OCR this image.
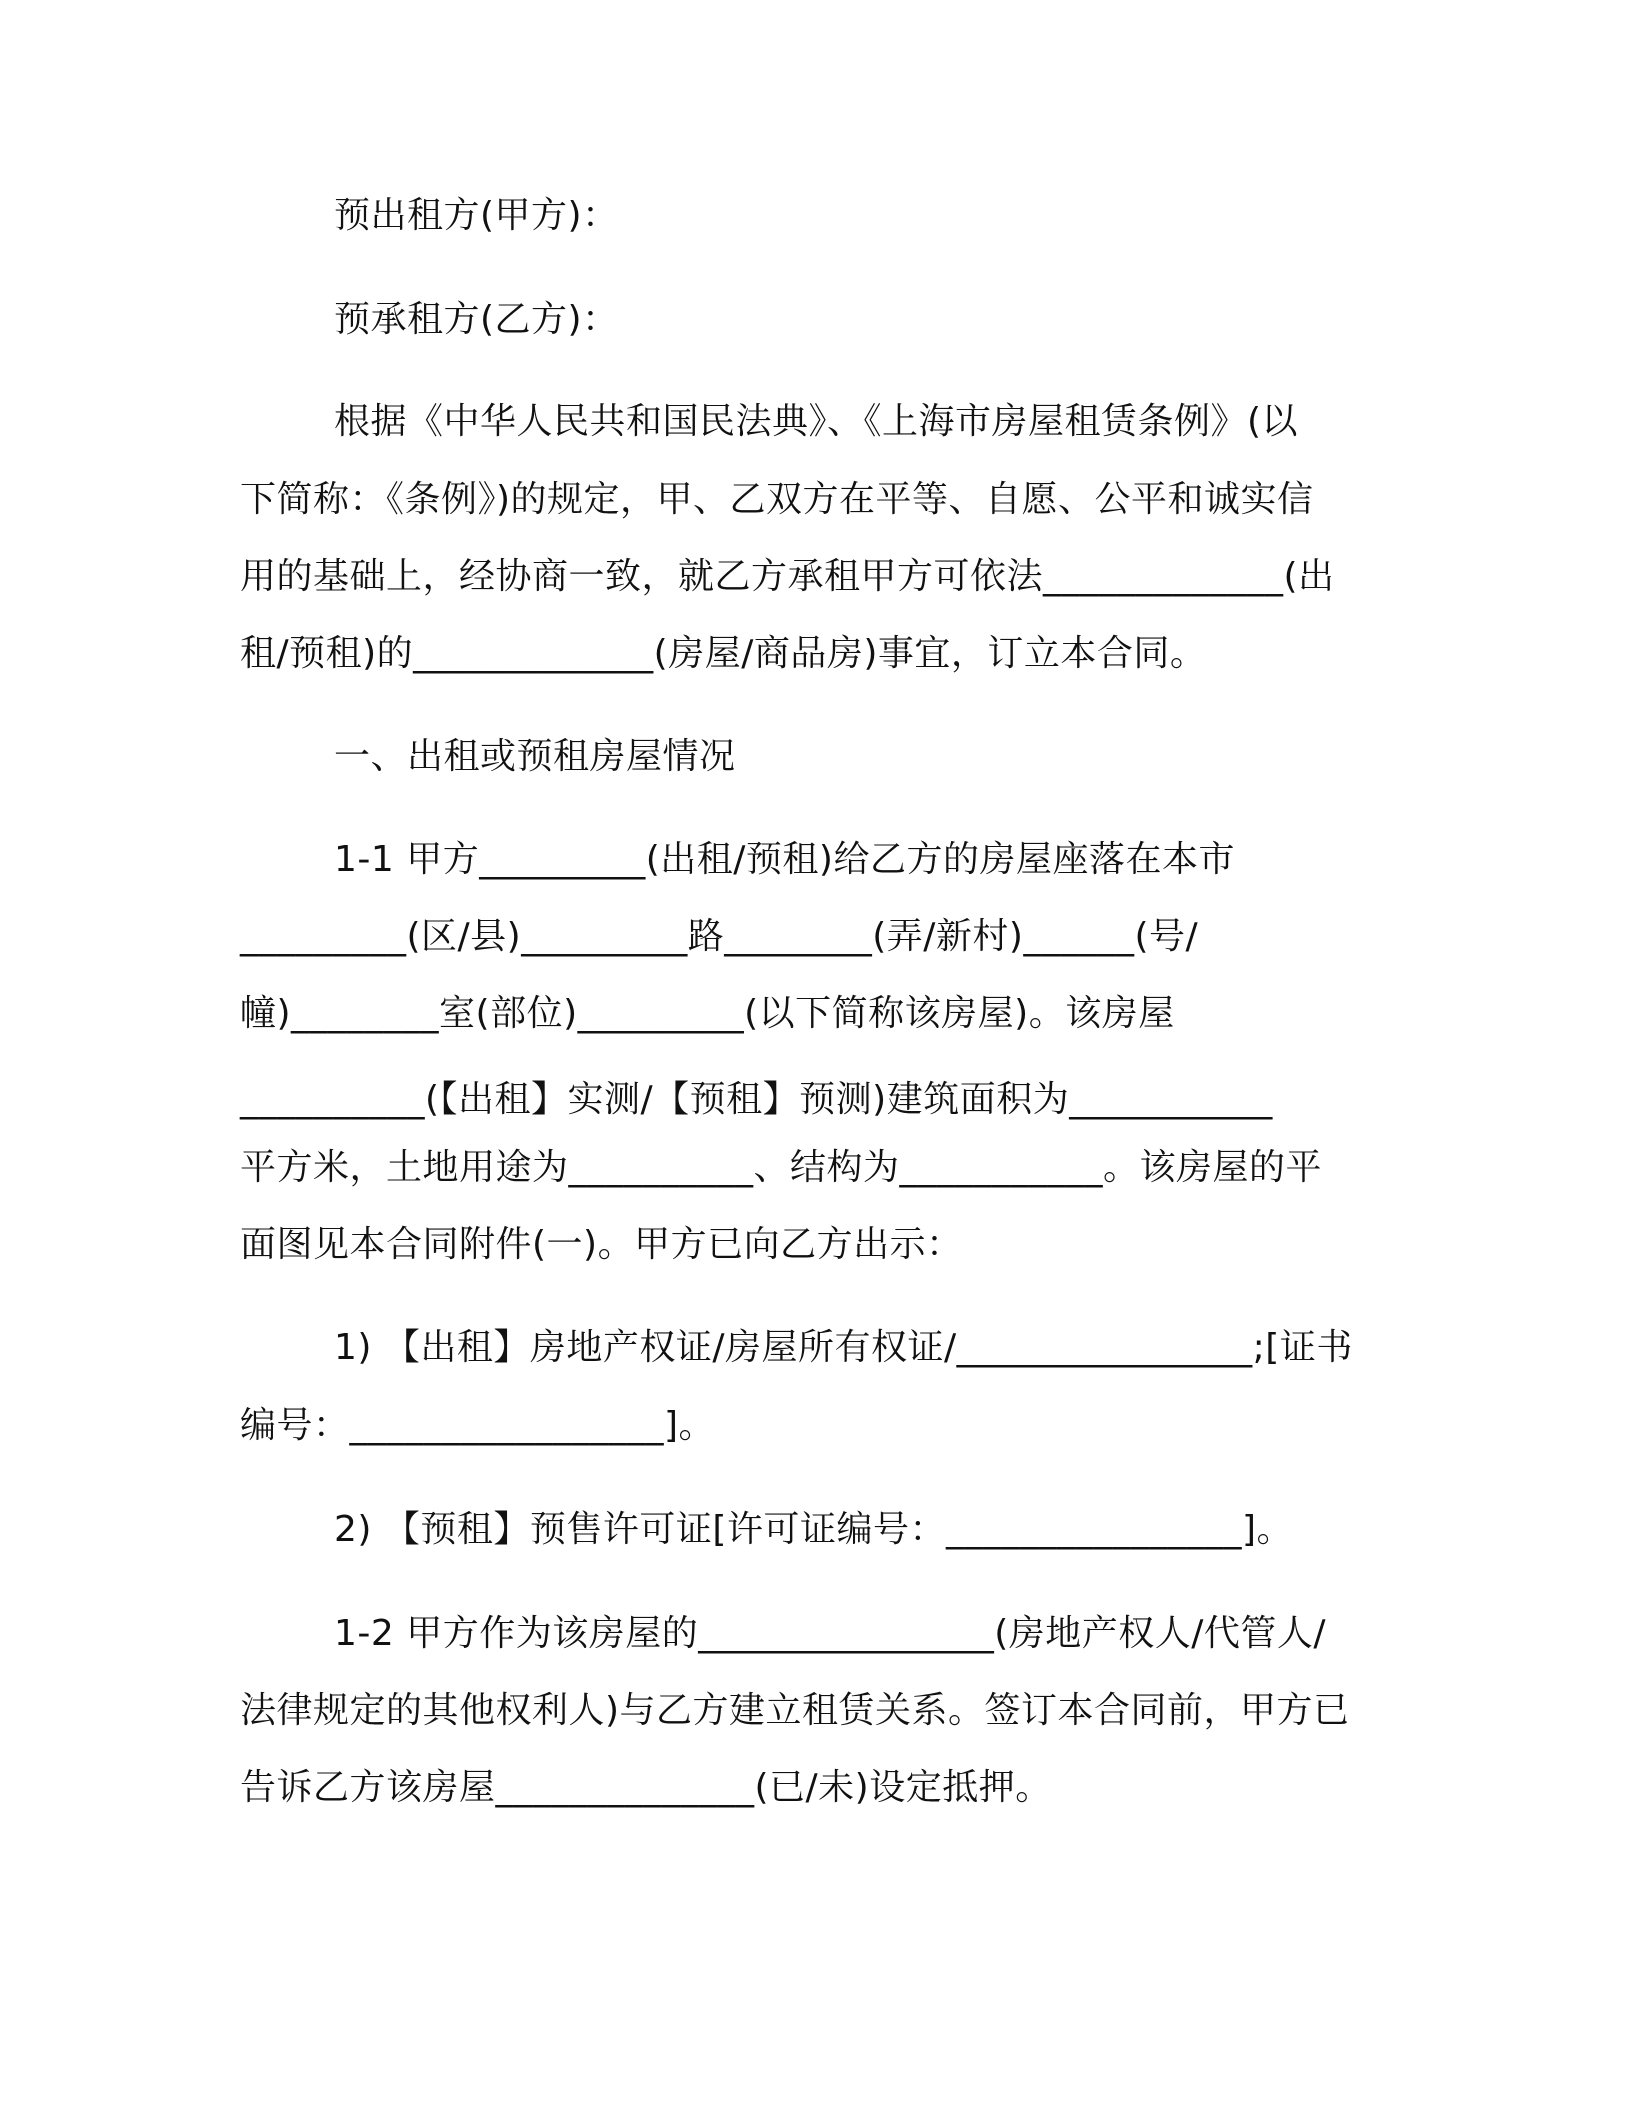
预出租方(甲方)：
预承租方(乙方)：
根据《中华人民共和国民法典》、《上海市房屋租赁条例》(以
下简称：《条例》)的规定，甲、乙双方在平等、自愿、公平和诚实信
用的基础上，经协商一致，就乙方承租甲方可依法_____________(出
租/预租)的_____________(房屋/商品房)事宜，订立本合同。
一、出租或预租房屋情况
1-1 甲方_________(出租/预租)给乙方的房屋座落在本市
_________(区/县)_________路________(弄/新村)______(号/
幢)________室(部位)_________(以下简称该房屋)。该房屋
__________(【出租】实测/【预租】预测)建筑面积为___________
平方米，土地用途为__________、结构为___________。该房屋的平
面图见本合同附件(一)。甲方已向乙方出示：
1) 【出租】房地产权证/房屋所有权证/________________;[证书
编号：_________________]。
2) 【预租】预售许可证[许可证编号：________________]。
1-2 甲方作为该房屋的________________(房地产权人/代管人/
法律规定的其他权利人)与乙方建立租赁关系。签订本合同前，甲方已
告诉乙方该房屋______________(已/未)设定抵押。
